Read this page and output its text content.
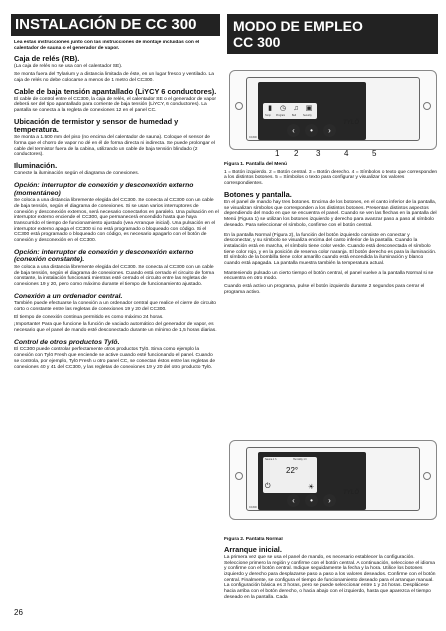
INSTALACIÓN DE CC 300	MODO DE EMPLEO
CC 300

Lea estas instrucciones junto con las instrucciones de montaje incluidas con el calentador de sauna o el generador de vapor.

Caja de relés (RB).

(La caja de relés no se usa con el calentador SE).

Se monta fuera del Tylarium y a distancia limitada de éste, en un lugar fresco y ventilado. La caja de relés no debe colocarse a menos de 1 metro del CC300.

Cable de baja tensión apantallado (LiYCY 6 conductores).

El cable de control entre el CC300, la caja de relés, el calentador SE o el generador de vapor deberá ser del tipo apantallado para corriente de baja tensión (LiYCY, 6 conductores). La pantalla se conecta a la regleta de conexiones 12 en el panel CC.

Ubicación de termistor y sensor de humedad y temperatura.

Se monta a 1.500 mm del piso (no encima del calentador de sauna). Coloque el sensor de forma que el chorro de vapor no dé en él de forma directa ni indirecta. Se puede prolongar el cable del termistor fuera de la cabina, utilizando un cable de baja tensión blindado (2 conductores).

Iluminación.

Conecte la iluminación según el diagrama de conexiones.

Opción: interruptor de conexión y desconexión externo (momentáneo)

Se coloca a una distancia libremente elegida del CC300. Se conecta al CC300 con un cable de baja tensión, según el diagrama de conexiones. Si se usan varios interruptores de conexión y desconexión externos, será necesario conectarlos en paralelo. Una pulsación en el interruptor externo enciende el CC300, que permanecerá encendido hasta que haya transcurrido el tiempo de funcionamiento ajustado (vea Arranque inicial). Una pulsación en el interruptor externo apaga el CC300 si no está programado o bloqueado con código. Si el CC300 está programado o bloqueado con código, es necesario apagarlo con el botón de conexión y desconexión en el CC300.

Opción: interruptor de conexión y desconexión externo (conexión constante).

Se coloca a una distancia libremente elegida del CC300. Se conecta al CC300 con un cable de baja tensión, según el diagrama de conexiones. Cuando está cerrado el circuito de forma constante, la instalación funcionará mientras esté cerrado el circuito entre las regletas de conexiones 19 y 20, pero como máximo durante el tiempo de funcionamiento ajustado.

Conexión a un ordenador central.

También puede efectuarse la conexión a un ordenador central que realice el cierre de circuito corto o constante entre las regletas de conexiones 19 y 20 del CC300.

El tiempo de conexión continua permitido es como máximo 24 horas.

¡Importante! Para que funcione la función de vaciado automático del generador de vapor, es necesario que el panel de mando esté desconectado durante un mínimo de 1,5 horas diarias.

Control de otros productos Tylö.

El CC300 puede controlar perfectamente otros productos Tylö. Sirva como ejemplo la conexión con Tylö Fresh que enciende se active cuando esté funcionando el panel. Cuando se controla, por ejemplo, Tylö Fresh u otro panel CC, se conectan éstos entre las regletas de conexiones 40 y 41 del CC300, y las regletas de conexiones 19 y 20 del otro producto Tylö.

▮ ◷ ♫ ▣
Temp Program	Bell	Security
‹	•	›
TYLÖ
CC300
1 2 3	4	5

Figura 1. Pantalla del Menú

1 = Botón izquierdo. 2 = Botón central. 3 = Botón derecho. 4 = Símbolos o texto que corresponden a los distintos botones. 5 = Símbolos o texto para configurar y visualizar los valores correspondientes.

Botones y pantalla.

En el panel de mando hay tres botones. Encima de los botones, en el canto inferior de la pantalla, se visualizan símbolos que corresponden a los distintos botones. Presentan distintos aspectos dependiendo del modo en que se encuentra el panel. Cuando se ven las flechas en la pantalla del Menú (Figura 1) se utilizan los botones izquierdo y derecho para avanzar paso a paso al símbolo deseado. Para seleccionar el símbolo, confirme con el botón central.

En la pantalla Normal (Figura 2), la función del botón izquierdo consiste en conectar y desconectar, y su símbolo se visualiza encima del canto inferior de la pantalla. Cuando la instalación está en marcha, el símbolo tiene color verde. Cuando está desconectada el símbolo tiene color rojo, y en la posición de reserva color naranja. El botón derecho es para la iluminación. El símbolo de la bombilla tiene color amarillo cuando está encendida la iluminación y blanco cuando está apagada. La pantalla muestra también la temperatura actual.

Manteniendo pulsado un cierto tiempo el botón central, el panel vuelve a la pantalla Normal si se encuentra en otro modo.

Cuando está activo un programa, pulse el botón izquierdo durante 2 segundos para cerrar el programa activo.

Sauna 1 h	Humidity 1 h
22°
⏻	☀
‹	•	›
TYLÖ
CC300

Figura 2. Pantalla Normal

Arranque inicial.

La primera vez que se usa el panel de mando, es necesario establecer la configuración. Seleccione primero la región y confirme con el botón central. A continuación, seleccione el idioma y confirme con el botón central. Indique seguidamente la fecha y la hora. Utilice los botones izquierdo y derecho para desplazarse paso a paso a los valores deseados. Confirme con el botón central. Finalmente, se configura el tiempo de funcionamiento deseado para el arranque manual. La configuración básica es 3 horas, pero se puede seleccionar entre 1 y 24 horas. Desplácese hacia arriba con el botón derecho, o hacia abajo con el izquierdo, hasta que aparezca el tiempo deseado en la pantalla. Cada

26
